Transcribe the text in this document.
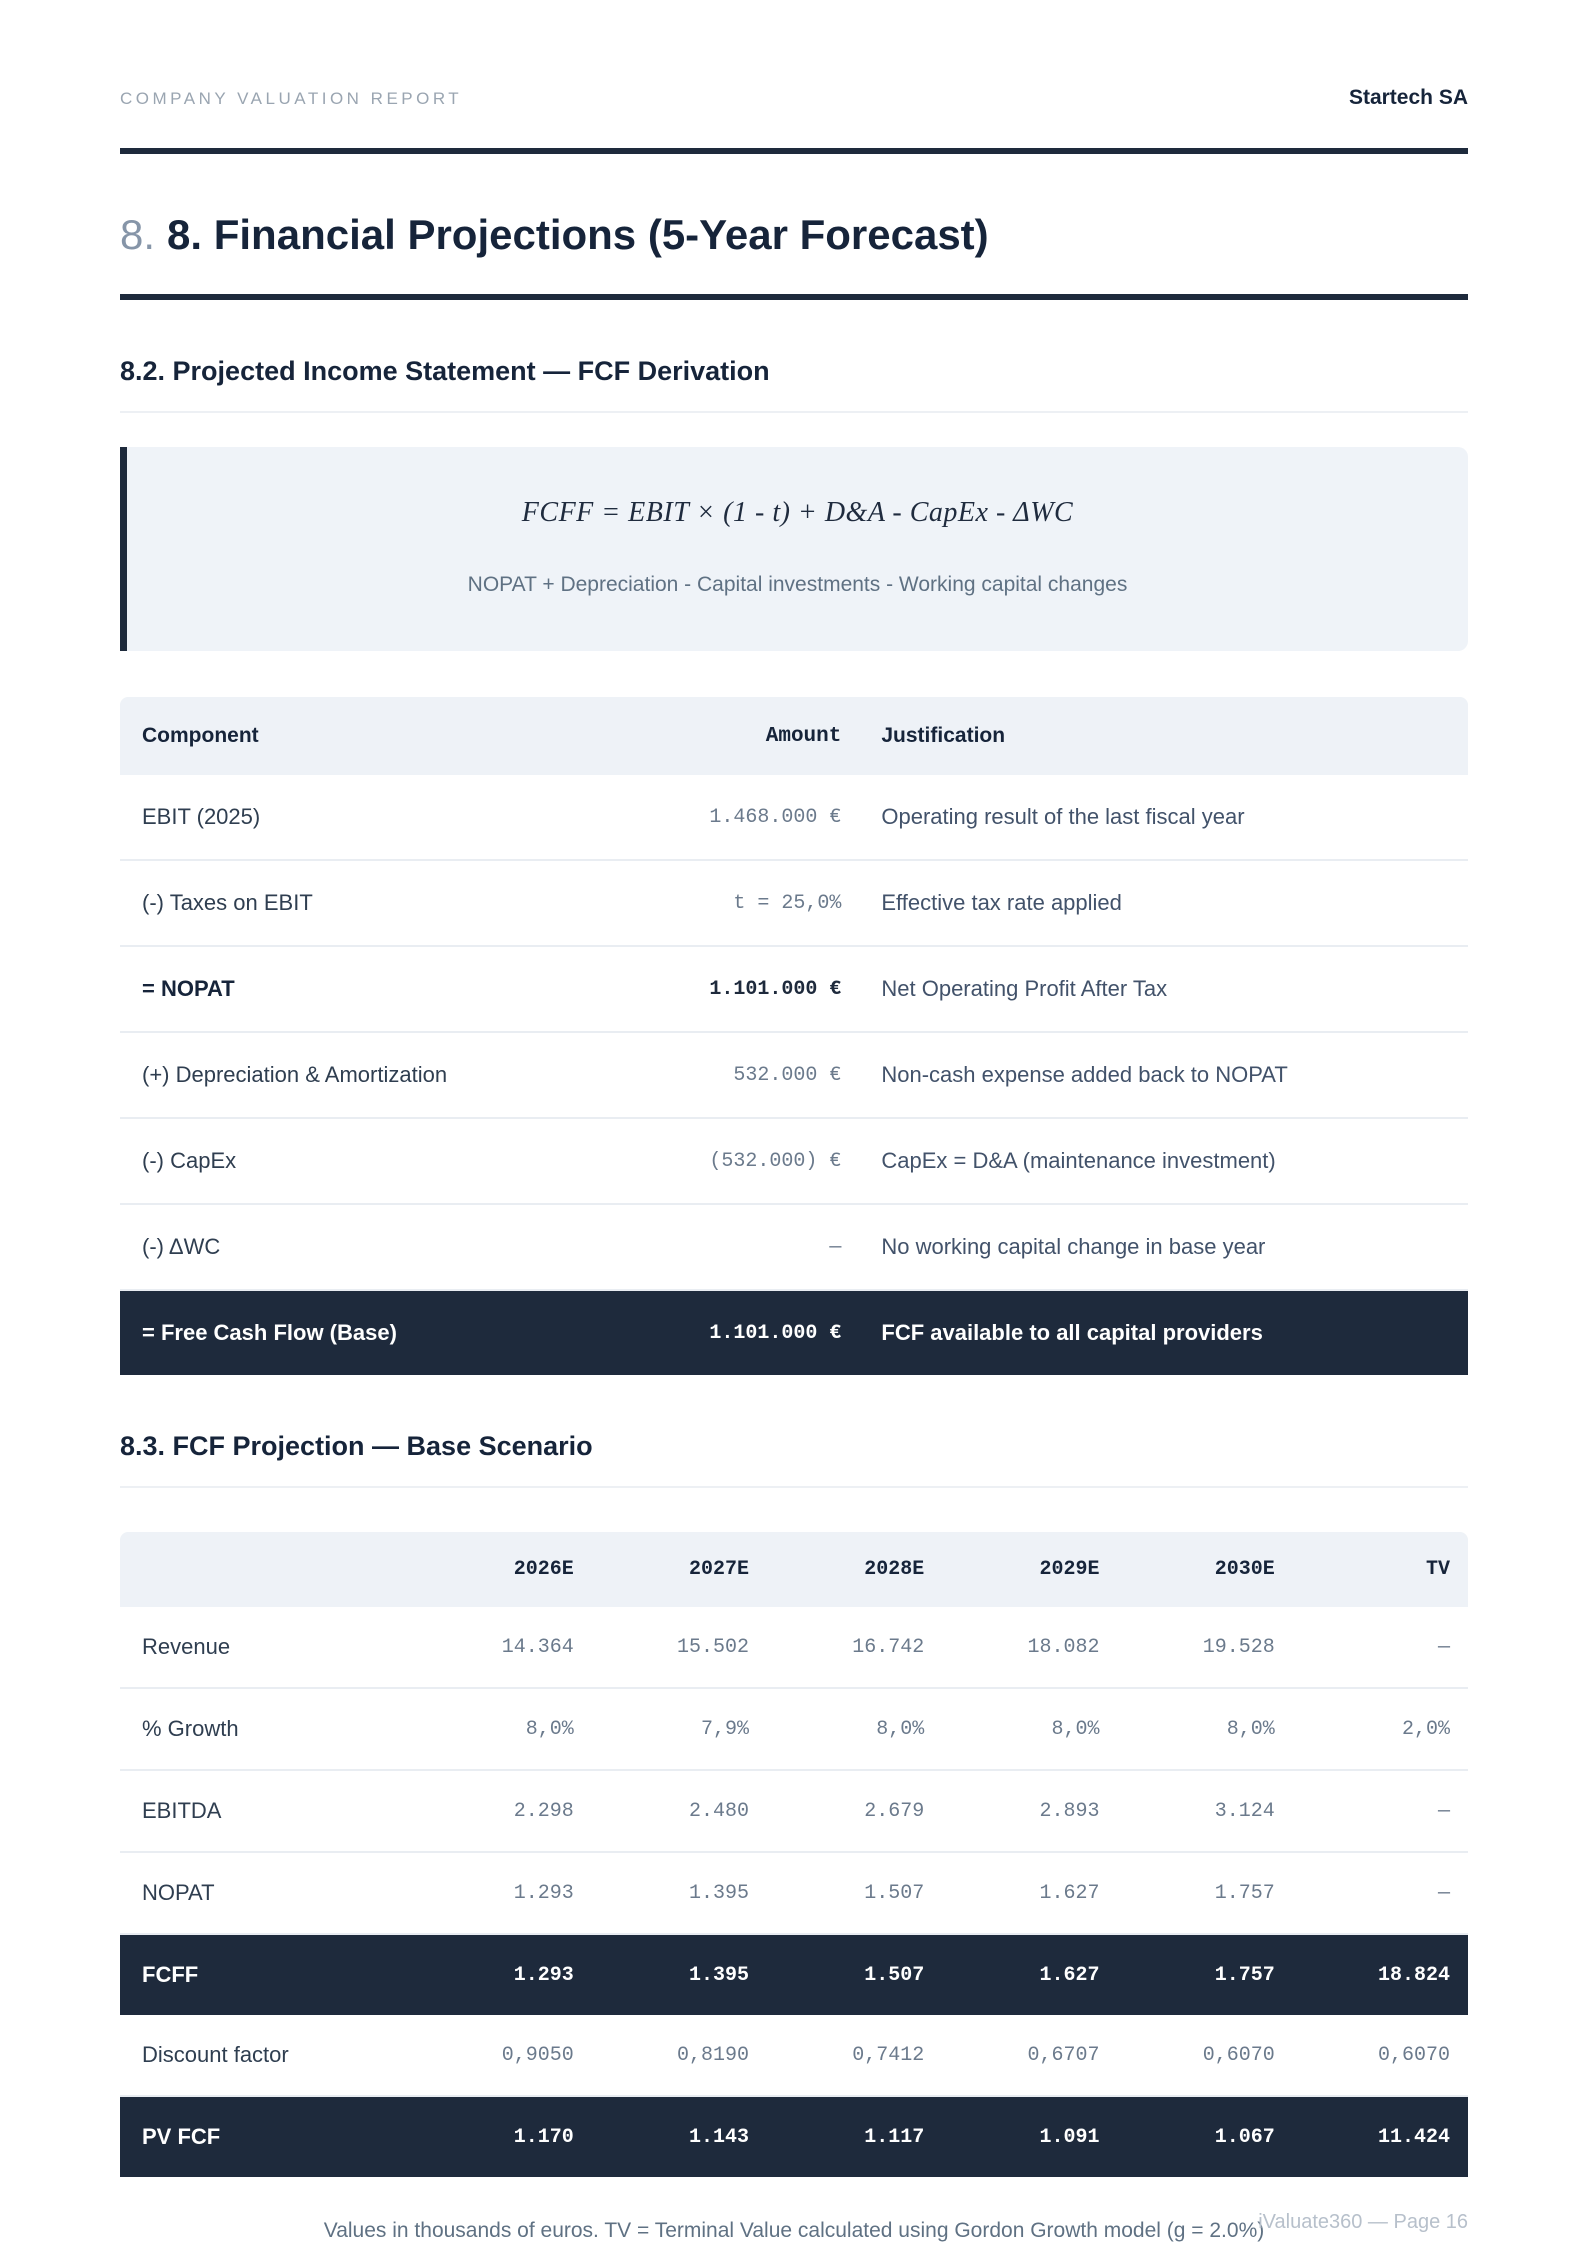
COMPANY VALUATION REPORT	Startech SA
8. 8. Financial Projections (5-Year Forecast)
8.2. Projected Income Statement — FCF Derivation
FCFF = EBIT × (1 - t) + D&A - CapEx - ΔWC
NOPAT + Depreciation - Capital investments - Working capital changes
Component	Amount	Justification
EBIT (2025)	1.468.000 €	Operating result of the last fiscal year
(-) Taxes on EBIT	t = 25,0%	Effective tax rate applied
= NOPAT	1.101.000 €	Net Operating Profit After Tax
(+) Depreciation & Amortization	532.000 €	Non-cash expense added back to NOPAT
(-) CapEx	(532.000) €	CapEx = D&A (maintenance investment)
(-) ΔWC	—	No working capital change in base year
= Free Cash Flow (Base)	1.101.000 €	FCF available to all capital providers
8.3. FCF Projection — Base Scenario
	2026E	2027E	2028E	2029E	2030E	TV
Revenue	14.364	15.502	16.742	18.082	19.528	—
% Growth	8,0%	7,9%	8,0%	8,0%	8,0%	2,0%
EBITDA	2.298	2.480	2.679	2.893	3.124	—
NOPAT	1.293	1.395	1.507	1.627	1.757	—
FCFF	1.293	1.395	1.507	1.627	1.757	18.824
Discount factor	0,9050	0,8190	0,7412	0,6707	0,6070	0,6070
PV FCF	1.170	1.143	1.117	1.091	1.067	11.424
Values in thousands of euros. TV = Terminal Value calculated using Gordon Growth model (g = 2.0%)
iValuate360 — Page 16
